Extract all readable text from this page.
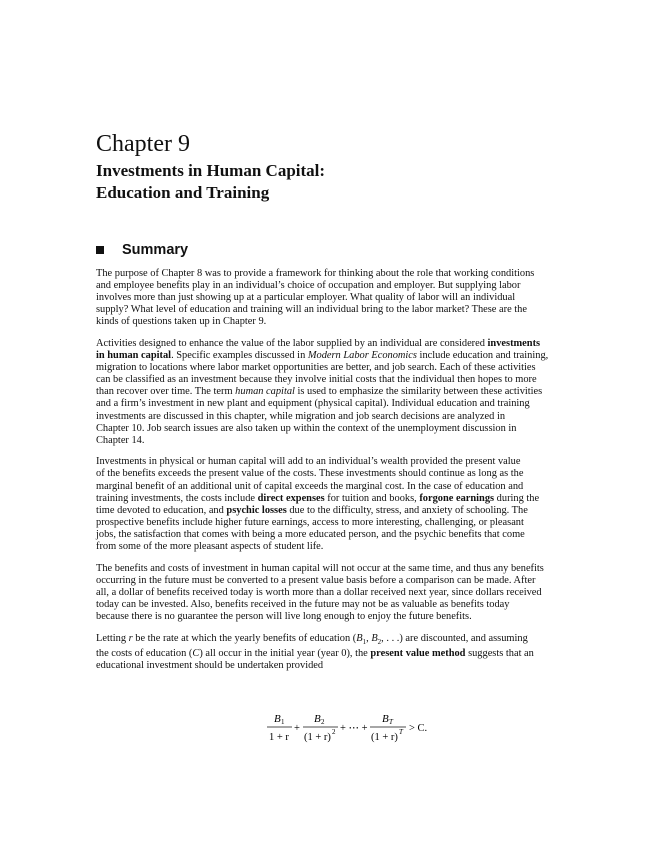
Chapter 9
Investments in Human Capital:
Education and Training
Summary

The purpose of Chapter 8 was to provide a framework for thinking about the role that working conditions
and employee benefits play in an individual’s choice of occupation and employer. But supplying labor
involves more than just showing up at a particular employer. What quality of labor will an individual
supply? What level of education and training will an individual bring to the labor market? These are the
kinds of questions taken up in Chapter 9.

Activities designed to enhance the value of the labor supplied by an individual are considered investments
in human capital. Specific examples discussed in Modern Labor Economics include education and training,
migration to locations where labor market opportunities are better, and job search. Each of these activities
can be classified as an investment because they involve initial costs that the individual then hopes to more
than recover over time. The term human capital is used to emphasize the similarity between these activities
and a firm’s investment in new plant and equipment (physical capital). Individual education and training
investments are discussed in this chapter, while migration and job search decisions are analyzed in
Chapter 10. Job search issues are also taken up within the context of the unemployment discussion in
Chapter 14.

Investments in physical or human capital will add to an individual’s wealth provided the present value
of the benefits exceeds the present value of the costs. These investments should continue as long as the
marginal benefit of an additional unit of capital exceeds the marginal cost. In the case of education and
training investments, the costs include direct expenses for tuition and books, forgone earnings during the
time devoted to education, and psychic losses due to the difficulty, stress, and anxiety of schooling. The
prospective benefits include higher future earnings, access to more interesting, challenging, or pleasant
jobs, the satisfaction that comes with being a more educated person, and the psychic benefits that come
from some of the more pleasant aspects of student life.

The benefits and costs of investment in human capital will not occur at the same time, and thus any benefits
occurring in the future must be converted to a present value basis before a comparison can be made. After
all, a dollar of benefits received today is worth more than a dollar received next year, since dollars received
today can be invested. Also, benefits received in the future may not be as valuable as benefits today
because there is no guarantee the person will live long enough to enjoy the future benefits.

Letting r be the rate at which the yearly benefits of education ($B_1$, $B_2$, . . .) are discounted, and assuming
the costs of education (C) all occur in the initial year (year 0), the present value method suggests that an
educational investment should be undertaken provided

B 1
1 + r
+
B 2
(1 + r) 2 + ⋯ +
B T
(1 + r) T > C.
